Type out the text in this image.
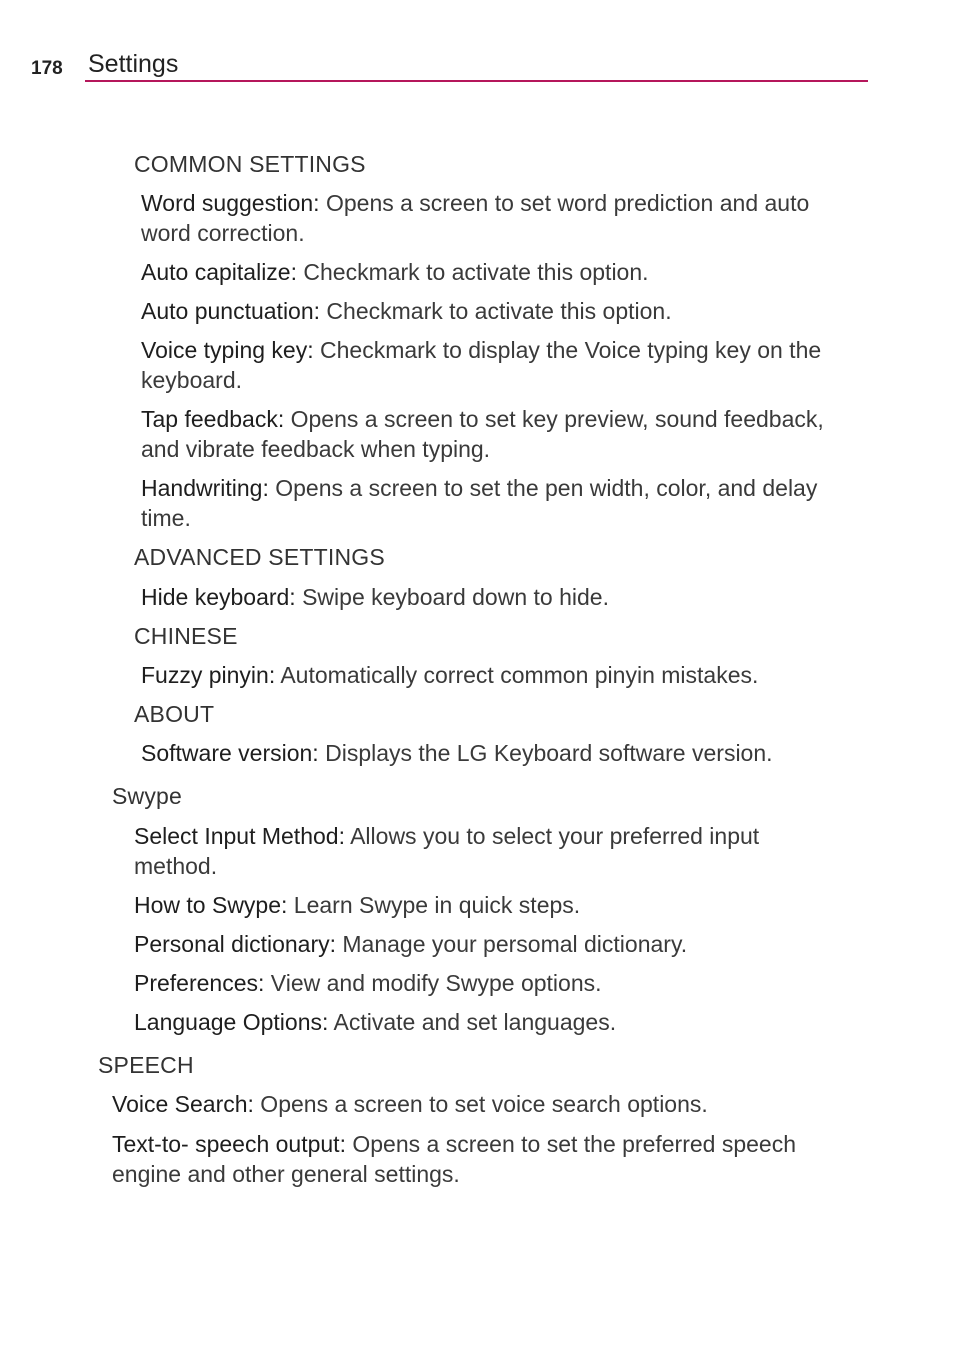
178 Settings
COMMON SETTINGS
Word suggestion: Opens a screen to set word prediction and auto word correction.
Auto capitalize: Checkmark to activate this option.
Auto punctuation: Checkmark to activate this option.
Voice typing key: Checkmark to display the Voice typing key on the keyboard.
Tap feedback: Opens a screen to set key preview, sound feedback, and vibrate feedback when typing.
Handwriting: Opens a screen to set the pen width, color, and delay time.
ADVANCED SETTINGS
Hide keyboard: Swipe keyboard down to hide.
CHINESE
Fuzzy pinyin: Automatically correct common pinyin mistakes.
ABOUT
Software version: Displays the LG Keyboard software version.
Swype
Select Input Method: Allows you to select your preferred input method.
How to Swype: Learn Swype in quick steps.
Personal dictionary: Manage your persomal dictionary.
Preferences: View and modify Swype options.
Language Options: Activate and set languages.
SPEECH
Voice Search: Opens a screen to set voice search options.
Text-to- speech output: Opens a screen to set the preferred speech engine and other general settings.
